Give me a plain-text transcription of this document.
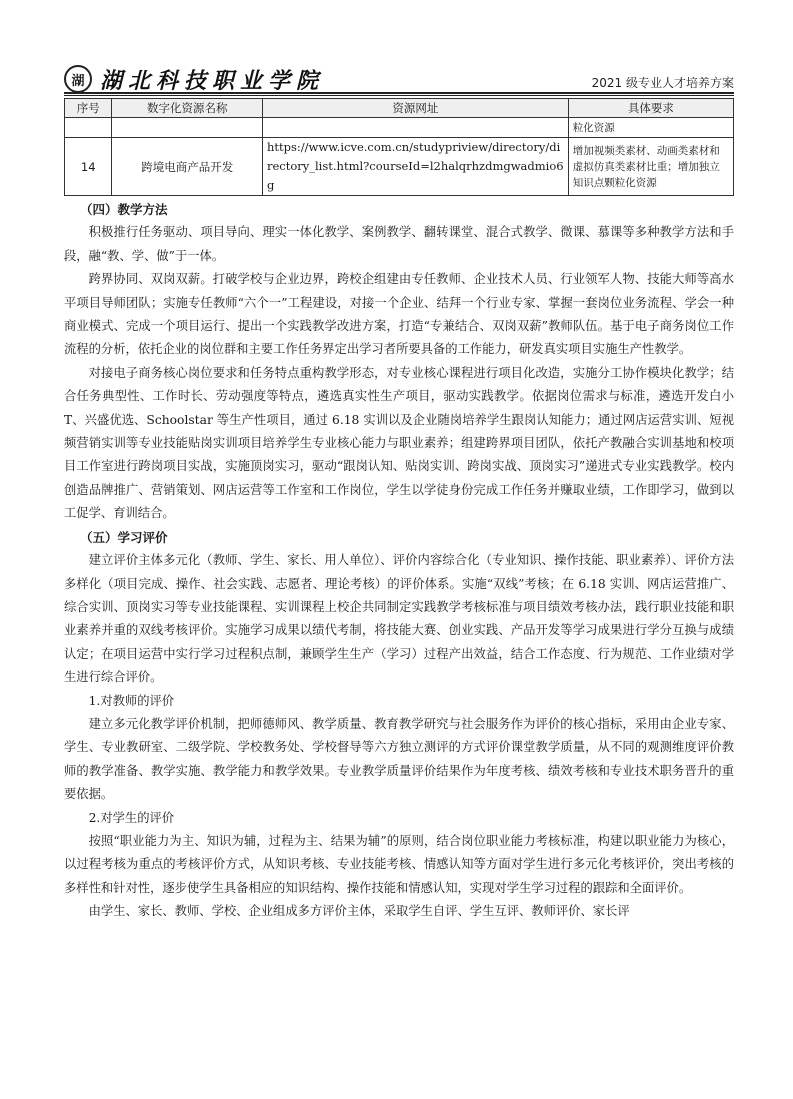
湖 湖北科技职业学院	2021 级专业人才培养方案
序号	数字化资源名称	资源网址	具体要求
			粒化资源
14	跨境电商产品开发	https://www.icve.com.cn/studypriview/directory/directory_list.html?courseId=l2halqrhzdmgwadmio6g	增加视频类素材、动画类素材和虚拟仿真类素材比重；增加独立知识点颗粒化资源
（四）教学方法

积极推行任务驱动、项目导向、理实一体化教学、案例教学、翻转课堂、混合式教学、微课、慕课等多种教学方法和手段，融“教、学、做”于一体。

跨界协同、双岗双薪。打破学校与企业边界，跨校企组建由专任教师、企业技术人员、行业领军人物、技能大师等高水平项目导师团队；实施专任教师“六个一”工程建设，对接一个企业、结拜一个行业专家、掌握一套岗位业务流程、学会一种商业模式、完成一个项目运行、提出一个实践教学改进方案，打造“专兼结合、双岗双薪”教师队伍。基于电子商务岗位工作流程的分析，依托企业的岗位群和主要工作任务界定出学习者所要具备的工作能力，研发真实项目实施生产性教学。

对接电子商务核心岗位要求和任务特点重构教学形态，对专业核心课程进行项目化改造，实施分工协作模块化教学；结合任务典型性、工作时长、劳动强度等特点，遴选真实性生产项目，驱动实践教学。依据岗位需求与标准，遴选开发白小 T、兴盛优选、Schoolstar 等生产性项目，通过 6.18 实训以及企业随岗培养学生跟岗认知能力；通过网店运营实训、短视频营销实训等专业技能贴岗实训项目培养学生专业核心能力与职业素养；组建跨界项目团队，依托产教融合实训基地和校项目工作室进行跨岗项目实战，实施顶岗实习，驱动“跟岗认知、贴岗实训、跨岗实战、顶岗实习”递进式专业实践教学。校内创造品牌推广、营销策划、网店运营等工作室和工作岗位，学生以学徒身份完成工作任务并赚取业绩，工作即学习，做到以工促学、育训结合。

（五）学习评价

建立评价主体多元化（教师、学生、家长、用人单位）、评价内容综合化（专业知识、操作技能、职业素养）、评价方法多样化（项目完成、操作、社会实践、志愿者、理论考核）的评价体系。实施“双线”考核；在 6.18 实训、网店运营推广、综合实训、顶岗实习等专业技能课程、实训课程上校企共同制定实践教学考核标准与项目绩效考核办法，践行职业技能和职业素养并重的双线考核评价。实施学习成果以绩代考制，将技能大赛、创业实践、产品开发等学习成果进行学分互换与成绩认定；在项目运营中实行学习过程积点制，兼顾学生生产（学习）过程产出效益，结合工作态度、行为规范、工作业绩对学生进行综合评价。

1.对教师的评价

建立多元化教学评价机制，把师德师风、教学质量、教育教学研究与社会服务作为评价的核心指标，采用由企业专家、学生、专业教研室、二级学院、学校教务处、学校督导等六方独立测评的方式评价课堂教学质量，从不同的观测维度评价教师的教学准备、教学实施、教学能力和教学效果。专业教学质量评价结果作为年度考核、绩效考核和专业技术职务晋升的重要依据。

2.对学生的评价

按照“职业能力为主、知识为辅，过程为主、结果为辅”的原则，结合岗位职业能力考核标准，构建以职业能力为核心，以过程考核为重点的考核评价方式，从知识考核、专业技能考核、情感认知等方面对学生进行多元化考核评价，突出考核的多样性和针对性，逐步使学生具备相应的知识结构、操作技能和情感认知，实现对学生学习过程的跟踪和全面评价。

由学生、家长、教师、学校、企业组成多方评价主体，采取学生自评、学生互评、教师评价、家长评
